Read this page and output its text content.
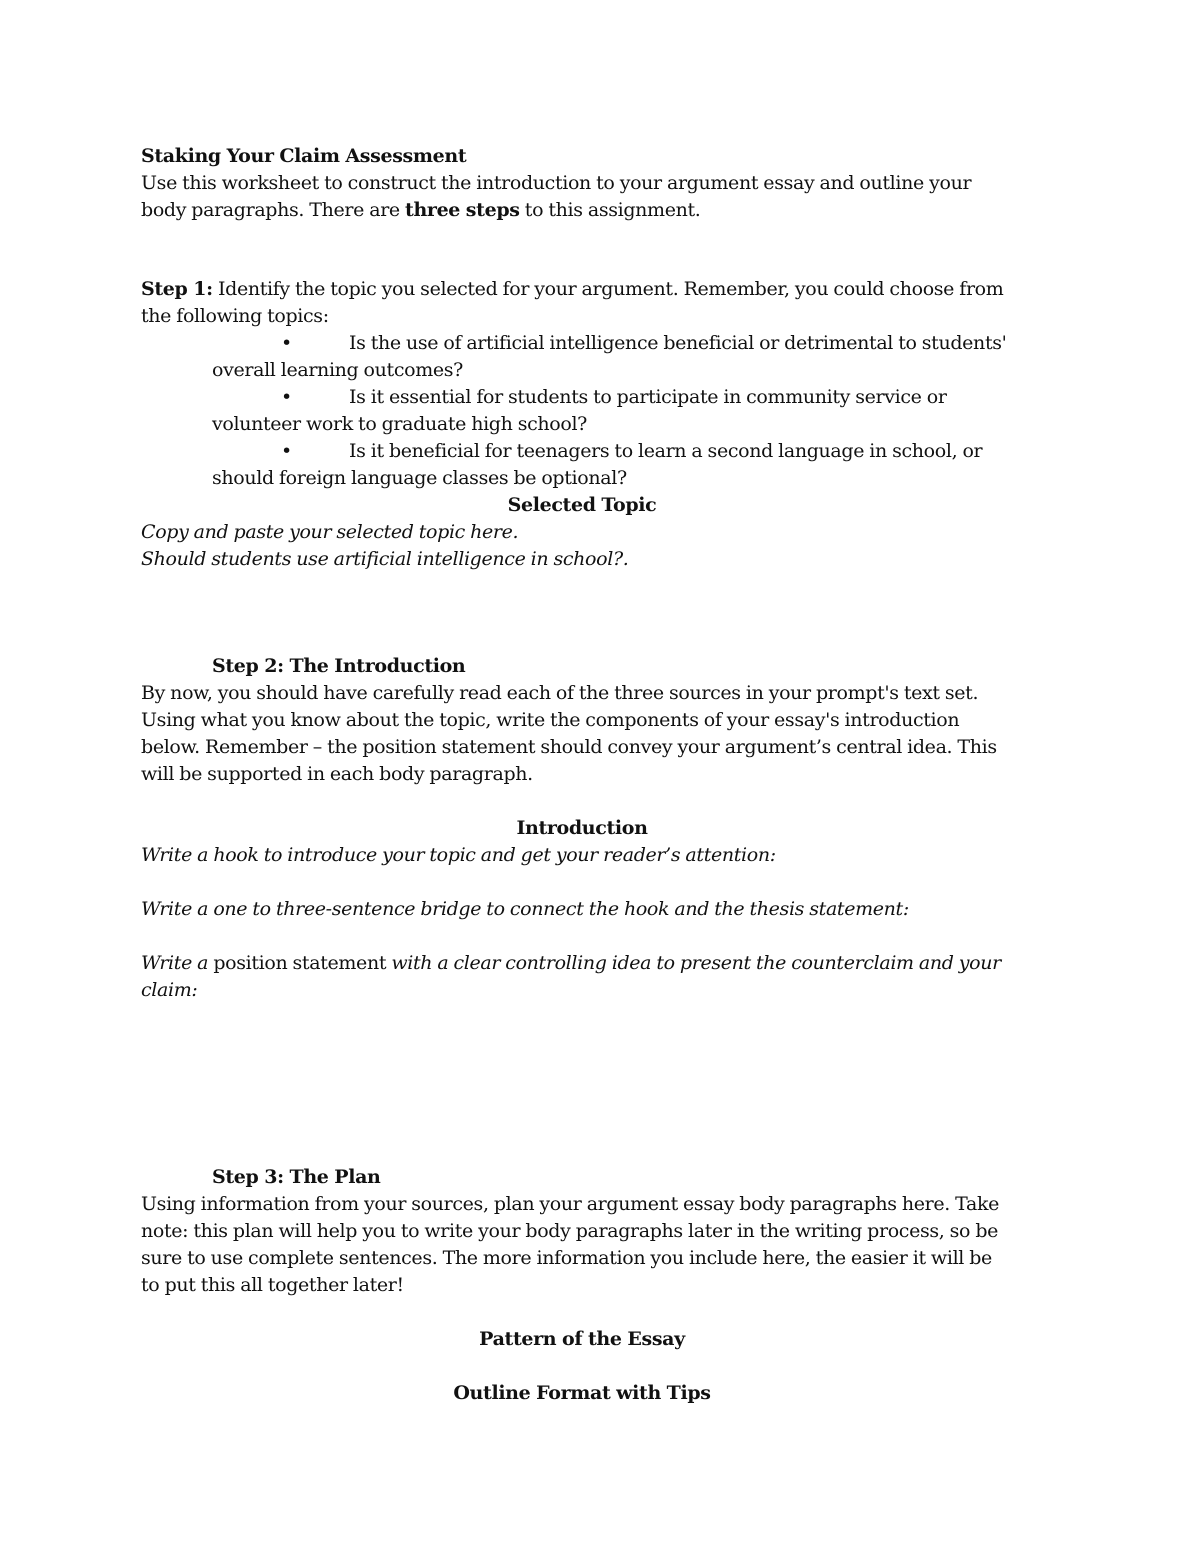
Staking Your Claim Assessment
Use this worksheet to construct the introduction to your argument essay and outline your
body paragraphs. There are three steps to this assignment.
Step 1: Identify the topic you selected for your argument. Remember, you could choose from
the following topics:
•	Is the use of artificial intelligence beneficial or detrimental to students'
overall learning outcomes?
•	Is it essential for students to participate in community service or
volunteer work to graduate high school?
•	Is it beneficial for teenagers to learn a second language in school, or
should foreign language classes be optional?
Selected Topic
Copy and paste your selected topic here.
Should students use artificial intelligence in school?.
Step 2: The Introduction
By now, you should have carefully read each of the three sources in your prompt's text set.
Using what you know about the topic, write the components of your essay's introduction
below. Remember – the position statement should convey your argument’s central idea. This
will be supported in each body paragraph.
Introduction
Write a hook to introduce your topic and get your reader’s attention:
Write a one to three-sentence bridge to connect the hook and the thesis statement:
Write a position statement with a clear controlling idea to present the counterclaim and your
claim:
Step 3: The Plan
Using information from your sources, plan your argument essay body paragraphs here. Take
note: this plan will help you to write your body paragraphs later in the writing process, so be
sure to use complete sentences. The more information you include here, the easier it will be
to put this all together later!
Pattern of the Essay
Outline Format with Tips
